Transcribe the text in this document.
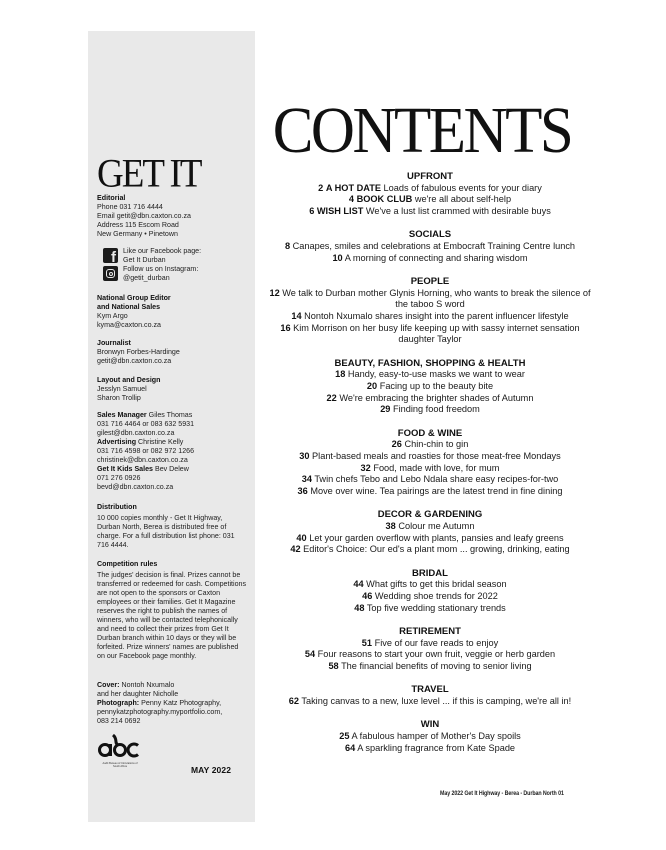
GET IT
Editorial
Phone 031 716 4444
Email getit@dbn.caxton.co.za
Address 115 Escom Road
New Germany • Pinetown
f Like our Facebook page:
Get It Durban
Follow us on Instagram:
@getit_durban
National Group Editor
and National Sales
Kym Argo
kyma@caxton.co.za
Journalist
Bronwyn Forbes-Hardinge
getit@dbn.caxton.co.za
Layout and Design
Jesslyn Samuel
Sharon Trollip
Sales Manager Giles Thomas
031 716 4464 or 083 632 5931
gilest@dbn.caxton.co.za
Advertising Christine Kelly
031 716 4598 or 082 972 1266
christinek@dbn.caxton.co.za
Get It Kids Sales Bev Delew
071 276 0926
bevd@dbn.caxton.co.za
Distribution
10 000 copies monthly - Get It Highway, Durban North, Berea is distributed free of charge. For a full distribution list phone: 031 716 4444.
Competition rules
The judges' decision is final. Prizes cannot be transferred or redeemed for cash. Competitions are not open to the sponsors or Caxton employees or their families. Get It Magazine reserves the right to publish the names of winners, who will be contacted telephonically and need to collect their prizes from Get It Durban branch within 10 days or they will be forfeited. Prize winners' names are published on our Facebook page monthly.
Cover: Nontoh Nxumalo
and her daughter Nicholle
Photograph: Penny Katz Photography,
pennykatzphotography.myportfolio.com,
083 214 0692
Audit Bureau of Circulations of South Africa	MAY 2022
CONTENTS
UPFRONT
2 A HOT DATE Loads of fabulous events for your diary
4 BOOK CLUB we're all about self-help
6 WISH LIST We've a lust list crammed with desirable buys
SOCIALS
8 Canapes, smiles and celebrations at Embocraft Training Centre lunch
10 A morning of connecting and sharing wisdom
PEOPLE
12 We talk to Durban mother Glynis Horning, who wants to break the silence of the taboo S word
14 Nontoh Nxumalo shares insight into the parent influencer lifestyle
16 Kim Morrison on her busy life keeping up with sassy internet sensation daughter Taylor
BEAUTY, FASHION, SHOPPING & HEALTH
18 Handy, easy-to-use masks we want to wear
20 Facing up to the beauty bite
22 We're embracing the brighter shades of Autumn
29 Finding food freedom
FOOD & WINE
26 Chin-chin to gin
30 Plant-based meals and roasties for those meat-free Mondays
32 Food, made with love, for mum
34 Twin chefs Tebo and Lebo Ndala share easy recipes-for-two
36 Move over wine. Tea pairings are the latest trend in fine dining
DECOR & GARDENING
38 Colour me Autumn
40 Let your garden overflow with plants, pansies and leafy greens
42 Editor's Choice: Our ed's a plant mom ... growing, drinking, eating
BRIDAL
44 What gifts to get this bridal season
46 Wedding shoe trends for 2022
48 Top five wedding stationary trends
RETIREMENT
51 Five of our fave reads to enjoy
54 Four reasons to start your own fruit, veggie or herb garden
58 The financial benefits of moving to senior living
TRAVEL
62 Taking canvas to a new, luxe level ... if this is camping, we're all in!
WIN
25 A fabulous hamper of Mother's Day spoils
64 A sparkling fragrance from Kate Spade
May 2022 Get It Highway - Berea - Durban North 01
